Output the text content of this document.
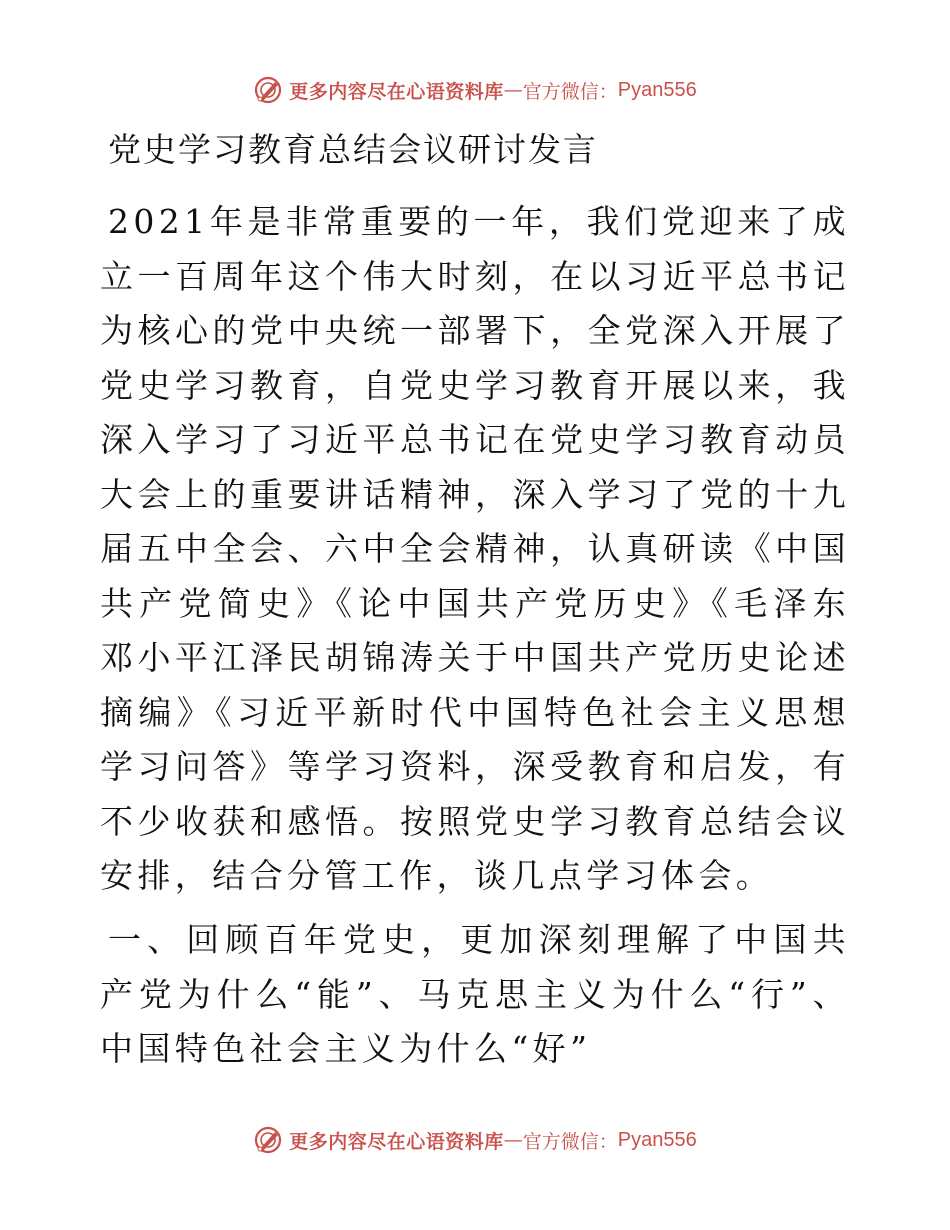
更多内容尽在心语资料库 — 官方微信： Pyan556
党史学习教育总结会议研讨发言

2021年是非常重要的一年，我们党迎来了成立一百周年这个伟大时刻，在以习近平总书记为核心的党中央统一部署下，全党深入开展了党史学习教育，自党史学习教育开展以来，我深入学习了习近平总书记在党史学习教育动员大会上的重要讲话精神，深入学习了党的十九届五中全会、六中全会精神，认真研读《中国共产党简史》《论中国共产党历史》《毛泽东邓小平江泽民胡锦涛关于中国共产党历史论述摘编》《习近平新时代中国特色社会主义思想学习问答》等学习资料，深受教育和启发，有不少收获和感悟。按照党史学习教育总结会议安排，结合分管工作，谈几点学习体会。

一、回顾百年党史，更加深刻理解了中国共产党为什么“能”、马克思主义为什么“行”、中国特色社会主义为什么“好”

更多内容尽在心语资料库 — 官方微信： Pyan556
